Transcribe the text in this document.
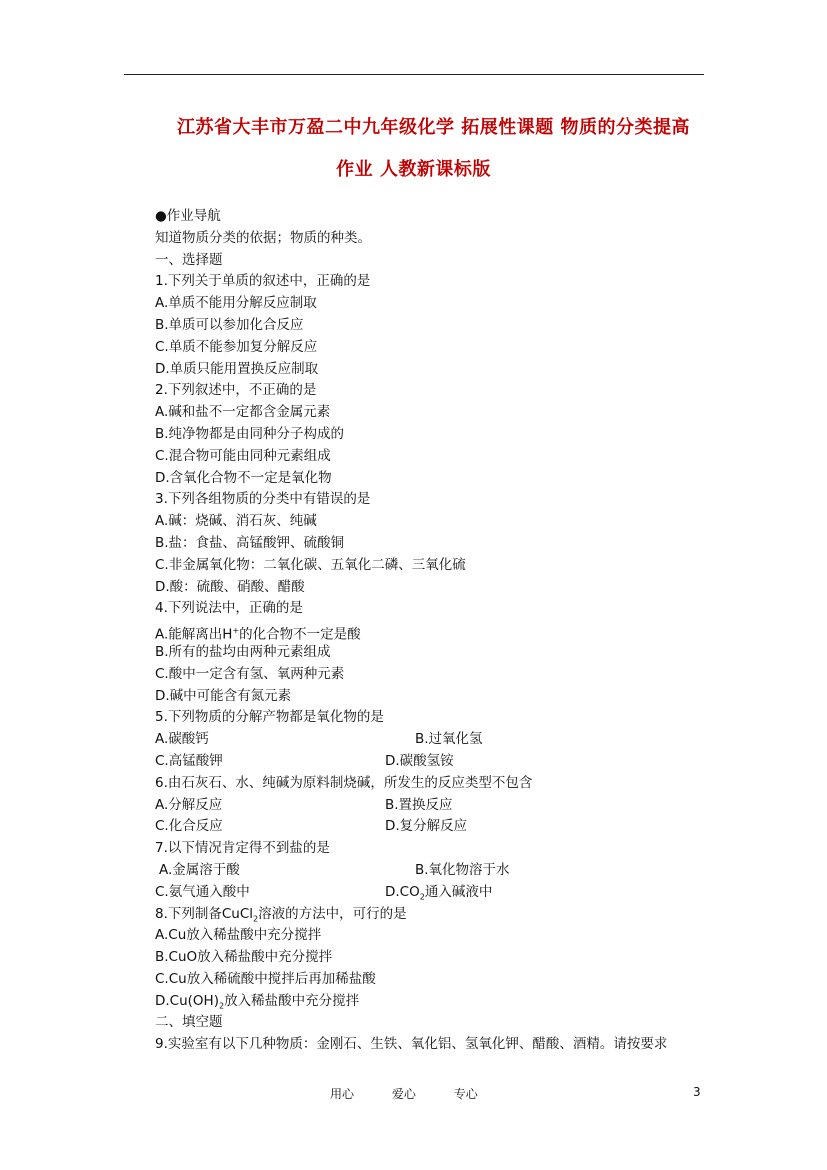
江苏省大丰市万盈二中九年级化学 拓展性课题 物质的分类提高
作业 人教新课标版
●作业导航
知道物质分类的依据；物质的种类。
一、选择题
1.下列关于单质的叙述中，正确的是
A.单质不能用分解反应制取
B.单质可以参加化合反应
C.单质不能参加复分解反应
D.单质只能用置换反应制取
2.下列叙述中，不正确的是
A.碱和盐不一定都含金属元素
B.纯净物都是由同种分子构成的
C.混合物可能由同种元素组成
D.含氧化合物不一定是氧化物
3.下列各组物质的分类中有错误的是
A.碱：烧碱、消石灰、纯碱
B.盐：食盐、高锰酸钾、硫酸铜
C.非金属氧化物：二氧化碳、五氧化二磷、三氧化硫
D.酸：硫酸、硝酸、醋酸
4.下列说法中，正确的是
A.能解离出H+的化合物不一定是酸
B.所有的盐均由两种元素组成
C.酸中一定含有氢、氧两种元素
D.碱中可能含有氮元素
5.下列物质的分解产物都是氧化物的是
A.碳酸钙	B.过氧化氢
C.高锰酸钾	D.碳酸氢铵
6.由石灰石、水、纯碱为原料制烧碱，所发生的反应类型不包含
A.分解反应	B.置换反应
C.化合反应	D.复分解反应
7.以下情况肯定得不到盐的是
A.金属溶于酸	B.氧化物溶于水
C.氨气通入酸中	$D.CO_2$通入碱液中
8.下列制备CuCl$_2$溶液的方法中，可行的是
A.Cu放入稀盐酸中充分搅拌
B.CuO放入稀盐酸中充分搅拌
C.Cu放入稀硫酸中搅拌后再加稀盐酸
$D.Cu(OH)_2$放入稀盐酸中充分搅拌
二、填空题
9.实验室有以下几种物质：金刚石、生铁、氧化铝、氢氧化钾、醋酸、酒精。请按要求
用心	爱心	专心	3
